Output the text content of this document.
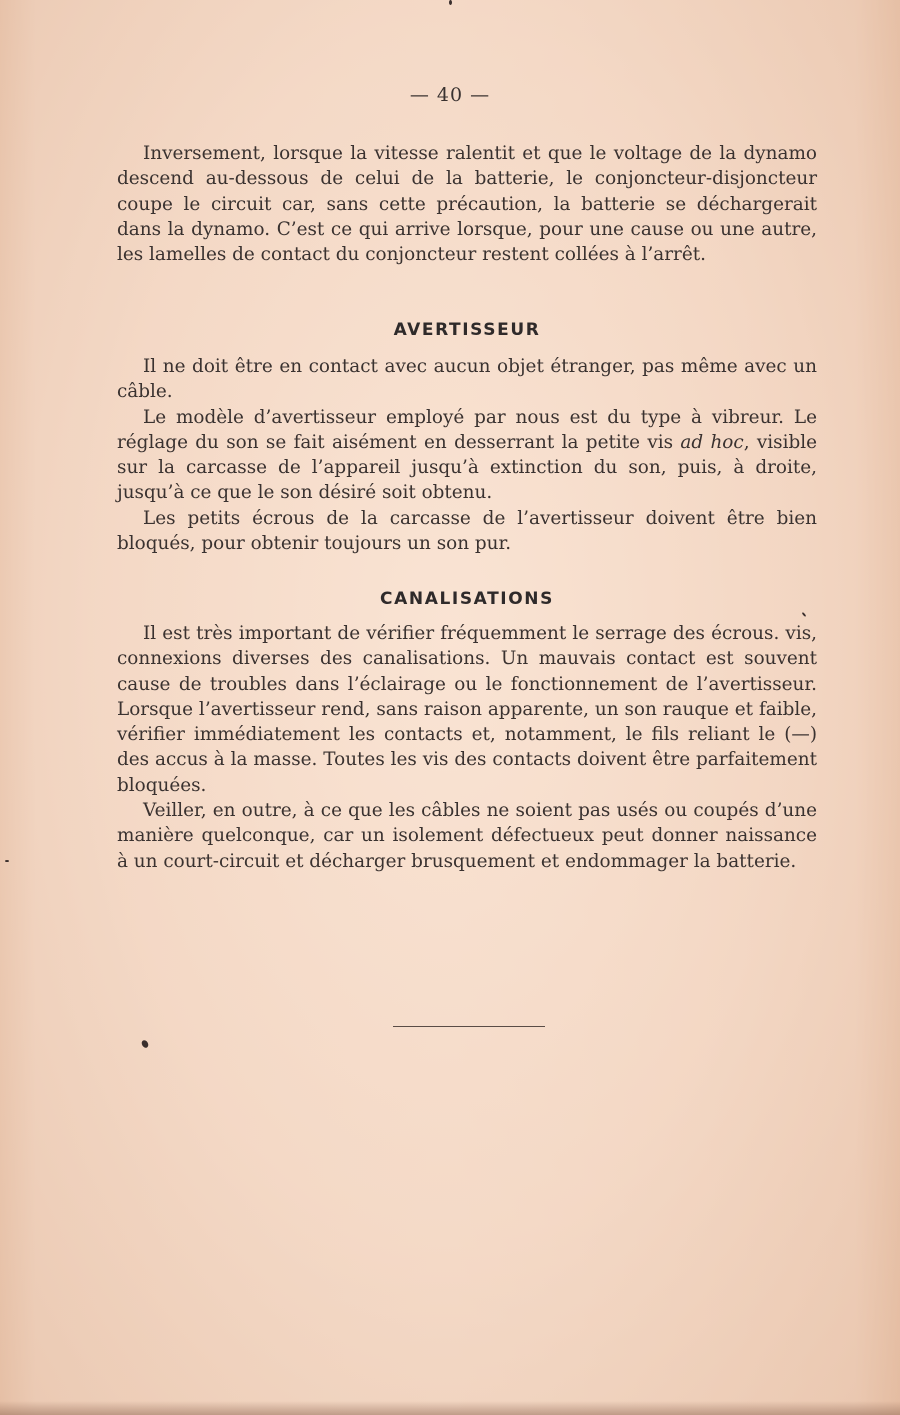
— 40 —

Inversement, lorsque la vitesse ralentit et que le voltage de la dynamo descend au-dessous de celui de la batterie, le conjoncteur-disjoncteur coupe le circuit car, sans cette précaution, la batterie se déchargerait dans la dynamo. C’est ce qui arrive lorsque, pour une cause ou une autre, les lamelles de contact du conjoncteur restent collées à l’arrêt.

AVERTISSEUR

Il ne doit être en contact avec aucun objet étranger, pas même avec un câble.

Le modèle d’avertisseur employé par nous est du type à vibreur. Le réglage du son se fait aisément en desserrant la petite vis ad hoc, visible sur la carcasse de l’appareil jusqu’à extinction du son, puis, à droite, jusqu’à ce que le son désiré soit obtenu.

Les petits écrous de la carcasse de l’avertisseur doivent être bien bloqués, pour obtenir toujours un son pur.

CANALISATIONS

Il est très important de vérifier fréquemment le serrage des écrous. vis, connexions diverses des canalisations. Un mauvais contact est souvent cause de troubles dans l’éclairage ou le fonctionnement de l’avertisseur. Lorsque l’avertisseur rend, sans raison apparente, un son rauque et faible, vérifier immédiatement les contacts et, notamment, le fils reliant le (—) des accus à la masse. Toutes les vis des contacts doivent être parfaitement bloquées.

Veiller, en outre, à ce que les câbles ne soient pas usés ou coupés d’une manière quelconque, car un isolement défectueux peut donner naissance à un court-circuit et décharger brusquement et endommager la batterie.
